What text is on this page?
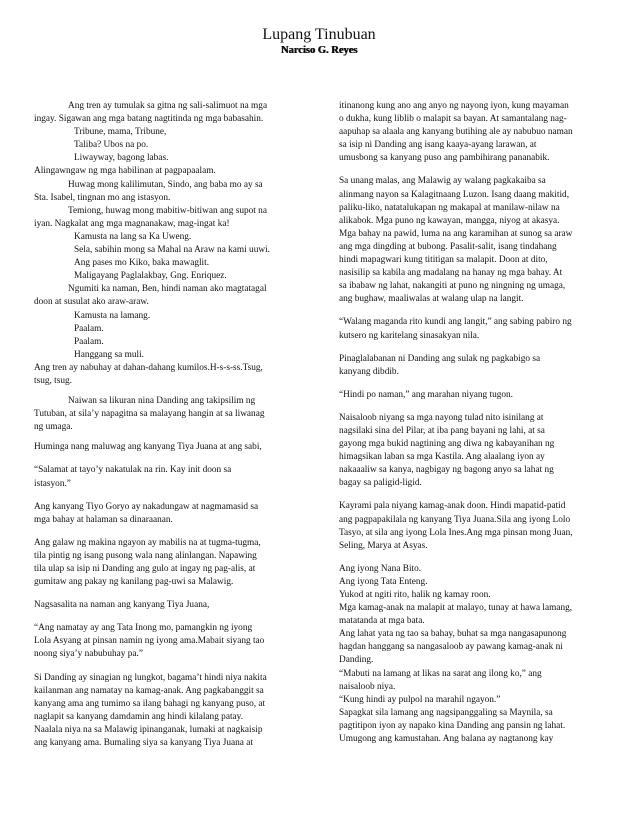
Lupang Tinubuan
Narciso G. Reyes

Ang tren ay tumulak sa gitna ng sali-salimuot na mga
ingay. Sigawan ang mga batang nagtitinda ng mga babasahin.

Tribune, mama, Tribune,

Taliba? Ubos na po.

Liwayway, bagong labas.

Alingawngaw ng mga habilinan at pagpapaalam.

Huwag mong kalilimutan, Sindo, ang baba mo ay sa
Sta. Isabel, tingnan mo ang istasyon.

Temiong, huwag mong mabitiw-bitiwan ang supot na
iyan. Nagkalat ang mga magnanakaw, mag-ingat ka!

Kamusta na lang sa Ka Uweng.

Sela, sabihin mong sa Mahal na Araw na kami uuwi.

Ang pases mo Kiko, baka mawaglit.

Maligayang Paglalakbay, Gng. Enriquez.

Ngumiti ka naman, Ben, hindi naman ako magtatagal
doon at susulat ako araw-araw.

Kamusta na lamang.

Paalam.

Paalam.

Hanggang sa muli.

Ang tren ay nabuhay at dahan-dahang kumilos.H-s-s-ss.Tsug,
tsug, tsug.

Naiwan sa likuran nina Danding ang takipsilim ng
Tutuban, at sila’y napagitna sa malayang hangin at sa liwanag
ng umaga.

Huminga nang maluwag ang kanyang Tiya Juana at ang sabi,

“Salamat at tayo’y nakatulak na rin. Kay init doon sa
istasyon.”

Ang kanyang Tiyo Goryo ay nakadungaw at nagmamasid sa
mga bahay at halaman sa dinaraanan.

Ang galaw ng makina ngayon ay mabilis na at tugma-tugma,
tila pintig ng isang pusong wala nang alinlangan. Napawing
tila ulap sa isip ni Danding ang gulo at ingay ng pag-alis, at
gumitaw ang pakay ng kanilang pag-uwi sa Malawig.

Nagsasalita na naman ang kanyang Tiya Juana,

“Ang namatay ay ang Tata Inong mo, pamangkin ng iyong
Lola Asyang at pinsan namin ng iyong ama.Mabait siyang tao
noong siya’y nabubuhay pa.”

Si Danding ay sinagian ng lungkot, bagama’t hindi niya nakita
kailanman ang namatay na kamag-anak. Ang pagkabanggit sa
kanyang ama ang tumimo sa ilang bahagi ng kanyang puso, at
naglapit sa kanyang damdamin ang hindi kilalang patay.
Naalala niya na sa Malawig ipinanganak, lumaki at nagkaisip
ang kanyang ama. Bumaling siya sa kanyang Tiya Juana at

itinanong kung ano ang anyo ng nayong iyon, kung mayaman
o dukha, kung liblib o malapit sa bayan. At samantalang nag-
aapuhap sa alaala ang kanyang butihing ale ay nabubuo naman
sa isip ni Danding ang isang kaaya-ayang larawan, at
umusbong sa kanyang puso ang pambihirang pananabik.

Sa unang malas, ang Malawig ay walang pagkakaiba sa
alinmang nayon sa Kalagitnaang Luzon. Isang daang makitid,
paliku-liko, natatalukapan ng makapal at manilaw-nilaw na
alikabok. Mga puno ng kawayan, mangga, niyog at akasya.
Mga bahay na pawid, luma na ang karamihan at sunog sa araw
ang mga dingding at bubong. Pasalit-salit, isang tindahang
hindi mapagwari kung tititigan sa malapit. Doon at dito,
nasisilip sa kabila ang madalang na hanay ng mga bahay. At
sa ibabaw ng lahat, nakangiti at puno ng ningning ng umaga,
ang bughaw, maaliwalas at walang ulap na langit.

“Walang maganda rito kundi ang langit,” ang sabing pabiro ng
kutsero ng karitelang sinasakyan nila.

Pinaglalabanan ni Danding ang sulak ng pagkabigo sa
kanyang dibdib.

“Hindi po naman,” ang marahan niyang tugon.

Naisaloob niyang sa mga nayong tulad nito isinilang at
nagsilaki sina del Pilar, at iba pang bayani ng lahi, at sa
gayong mga bukid nagtining ang diwa ng kabayanihan ng
himagsikan laban sa mga Kastila. Ang alaalang iyon ay
nakaaaliw sa kanya, nagbigay ng bagong anyo sa lahat ng
bagay sa paligid-ligid.

Kayrami pala niyang kamag-anak doon. Hindi mapatid-patid
ang pagpapakilala ng kanyang Tiya Juana.Sila ang iyong Lolo
Tasyo, at sila ang iyong Lola Ines.Ang mga pinsan mong Juan,
Seling, Marya at Asyas.

Ang iyong Nana Bito.
Ang iyong Tata Enteng.
Yukod at ngiti rito, halik ng kamay roon.
Mga kamag-anak na malapit at malayo, tunay at hawa lamang,
matatanda at mga bata.
Ang lahat yata ng tao sa bahay, buhat sa mga nangasapunong
hagdan hanggang sa nangasaloob ay pawang kamag-anak ni
Danding.
“Mabuti na lamang at likas na sarat ang ilong ko,” ang
naisaloob niya.
“Kung hindi ay pulpol na marahil ngayon.”
Sapagkat sila lamang ang nagsipanggaling sa Maynila, sa
pagtitipon iyon ay napako kina Danding ang pansin ng lahat.
Umugong ang kamustahan. Ang balana ay nagtanong kay
